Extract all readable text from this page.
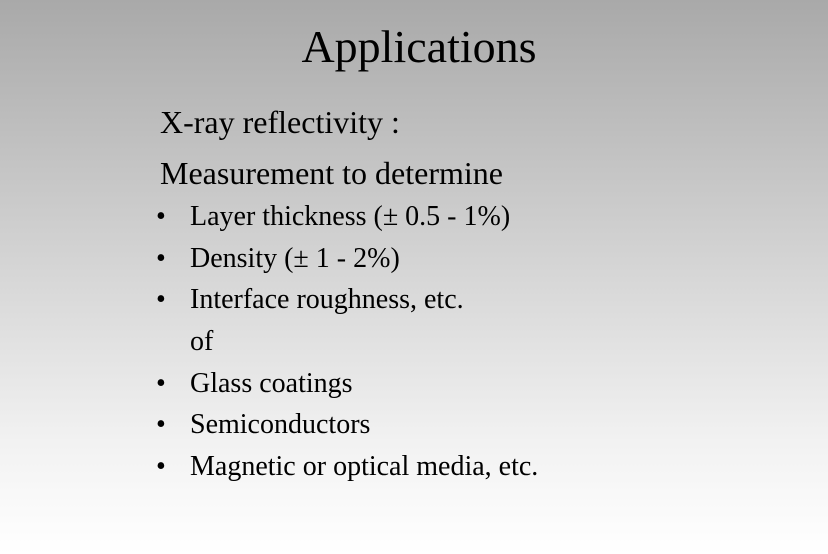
Applications
X-ray reflectivity :
Measurement to determine
• Layer thickness (± 0.5 - 1%)
• Density (± 1 - 2%)
• Interface roughness, etc.
of
• Glass coatings
• Semiconductors
• Magnetic or optical media, etc.
